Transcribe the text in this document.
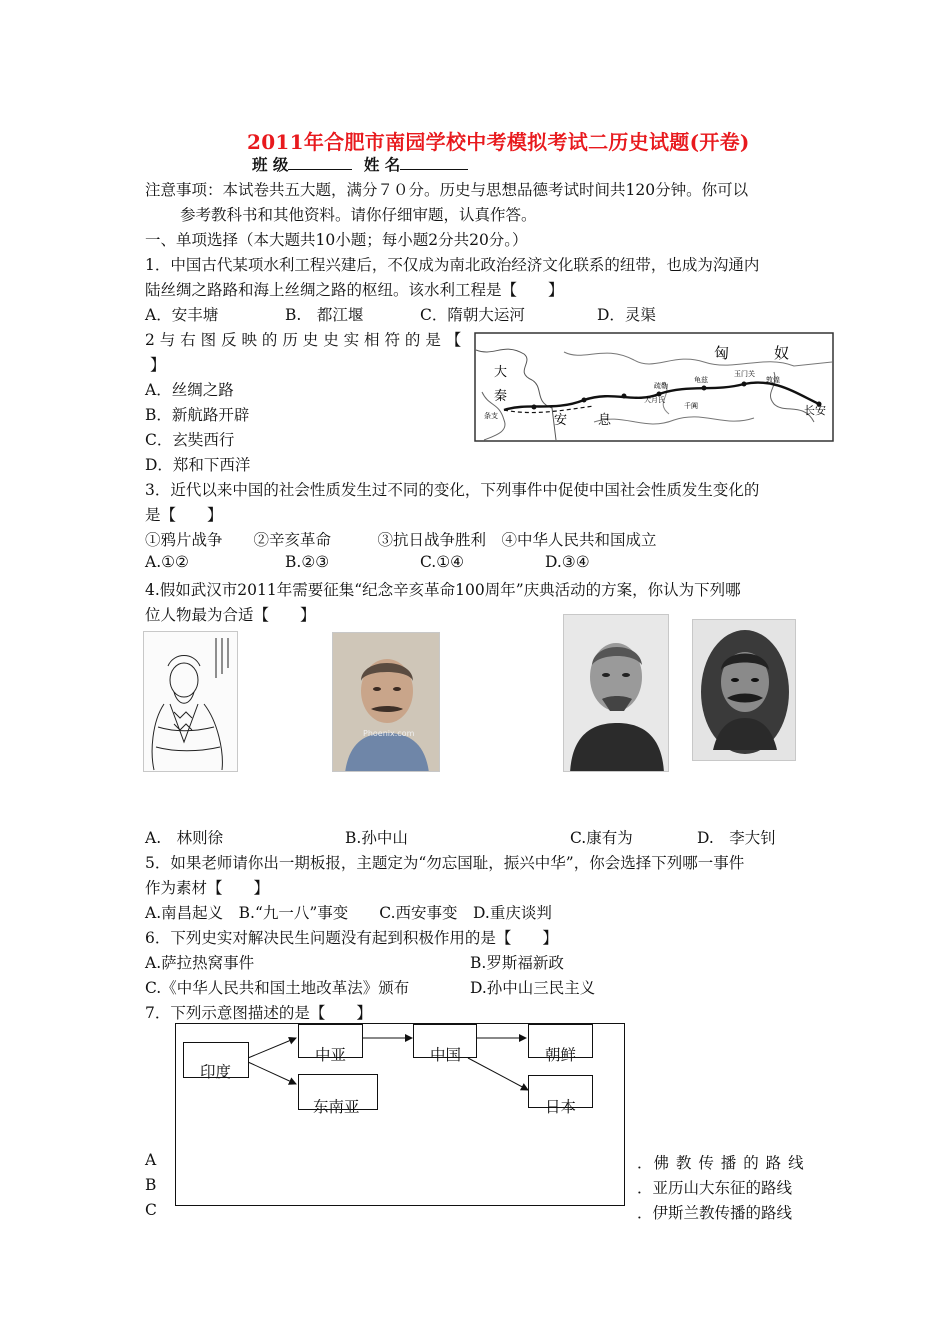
2011年合肥市南园学校中考模拟考试二历史试题(开卷)
班 级	姓 名
注意事项：本试卷共五大题，满分７０分。历史与思想品德考试时间共120分钟。你可以
参考教科书和其他资料。请你仔细审题，认真作答。
一、单项选择（本大题共10小题；每小题2分共20分。）
1．中国古代某项水利工程兴建后，不仅成为南北政治经济文化联系的纽带，也成为沟通内
陆丝绸之路路和海上丝绸之路的枢纽。该水利工程是【　　】
A．安丰塘	B.　都江堰	C．隋朝大运河	D．灵渠
2 与 右 图 反 映 的 历 史 史 实 相 符 的 是 【
】
A．丝绸之路
B．新航路开辟
C．玄奘西行
D．郑和下西洋
匈	奴
大
秦
安 息
长安
大月氏
条支
敦煌
龟兹
玉门关
千阗
疏勒
3．近代以来中国的社会性质发生过不同的变化，下列事件中促使中国社会性质发生变化的
是【　　】
①鸦片战争　　②辛亥革命　　　③抗日战争胜利　④中华人民共和国成立
A.①②	B.②③	C.①④	D.③④
4.假如武汉市2011年需要征集“纪念辛亥革命100周年”庆典活动的方案，你认为下列哪
位人物最为合适【　　】
Phoenix.com
A.　林则徐	B.孙中山	C.康有为	D.　李大钊
5．如果老师请你出一期板报，主题定为“勿忘国耻，振兴中华”，你会选择下列哪一事件
作为素材【　　】
A.南昌起义　B.“九一八”事变　　C.西安事变　D.重庆谈判
6．下列史实对解决民生问题没有起到积极作用的是【　　】
A.萨拉热窝事件	B.罗斯福新政
C.《中华人民共和国土地改革法》颁布	D.孙中山三民主义
7．下列示意图描述的是【　　】
印度
中亚	中国	朝鲜
东南亚	日本
A	．佛 教 传 播 的 路 线
B	．亚历山大东征的路线
C	．伊斯兰教传播的路线
